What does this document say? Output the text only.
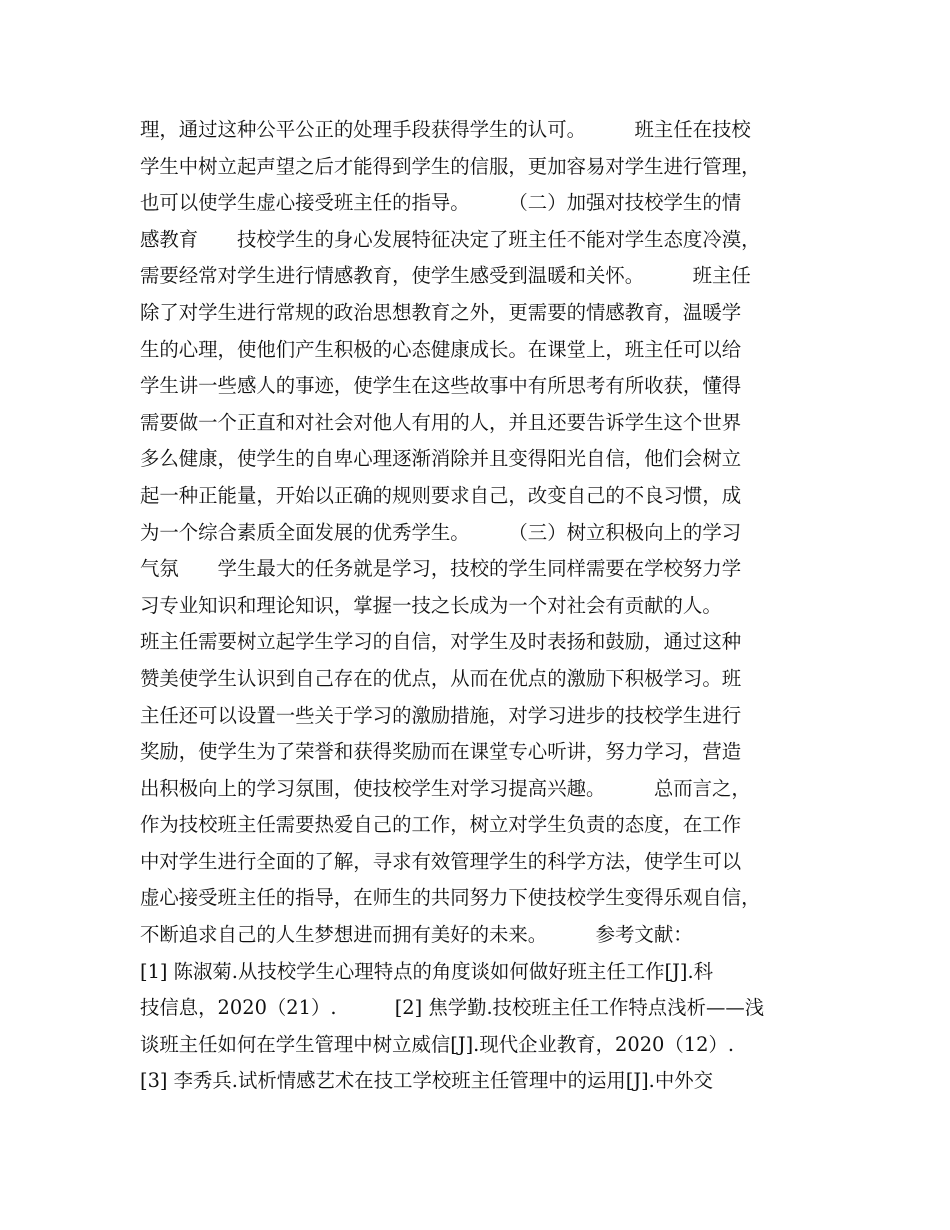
理，通过这种公平公正的处理手段获得学生的认可。　　　班主任在技校
学生中树立起声望之后才能得到学生的信服，更加容易对学生进行管理，
也可以使学生虚心接受班主任的指导。　　　（二）加强对技校学生的情
感教育　　技校学生的身心发展特征决定了班主任不能对学生态度冷漠，
需要经常对学生进行情感教育，使学生感受到温暖和关怀。　　　班主任
除了对学生进行常规的政治思想教育之外，更需要的情感教育，温暖学
生的心理，使他们产生积极的心态健康成长。在课堂上，班主任可以给
学生讲一些感人的事迹，使学生在这些故事中有所思考有所收获，懂得
需要做一个正直和对社会对他人有用的人，并且还要告诉学生这个世界
多么健康，使学生的自卑心理逐渐消除并且变得阳光自信，他们会树立
起一种正能量，开始以正确的规则要求自己，改变自己的不良习惯，成
为一个综合素质全面发展的优秀学生。　　　（三）树立积极向上的学习
气氛　　学生最大的任务就是学习，技校的学生同样需要在学校努力学
习专业知识和理论知识，掌握一技之长成为一个对社会有贡献的人。
班主任需要树立起学生学习的自信，对学生及时表扬和鼓励，通过这种
赞美使学生认识到自己存在的优点，从而在优点的激励下积极学习。班
主任还可以设置一些关于学习的激励措施，对学习进步的技校学生进行
奖励，使学生为了荣誉和获得奖励而在课堂专心听讲，努力学习，营造
出积极向上的学习氛围，使技校学生对学习提高兴趣。　　　总而言之，
作为技校班主任需要热爱自己的工作，树立对学生负责的态度，在工作
中对学生进行全面的了解，寻求有效管理学生的科学方法，使学生可以
虚心接受班主任的指导，在师生的共同努力下使技校学生变得乐观自信，
不断追求自己的人生梦想进而拥有美好的未来。　　　参考文献：
[1] 陈淑菊.从技校学生心理特点的角度谈如何做好班主任工作[J].科
技信息，2020（21）.　　　[2] 焦学勤.技校班主任工作特点浅析——浅
谈班主任如何在学生管理中树立威信[J].现代企业教育，2020（12）.
[3] 李秀兵.试析情感艺术在技工学校班主任管理中的运用[J].中外交
